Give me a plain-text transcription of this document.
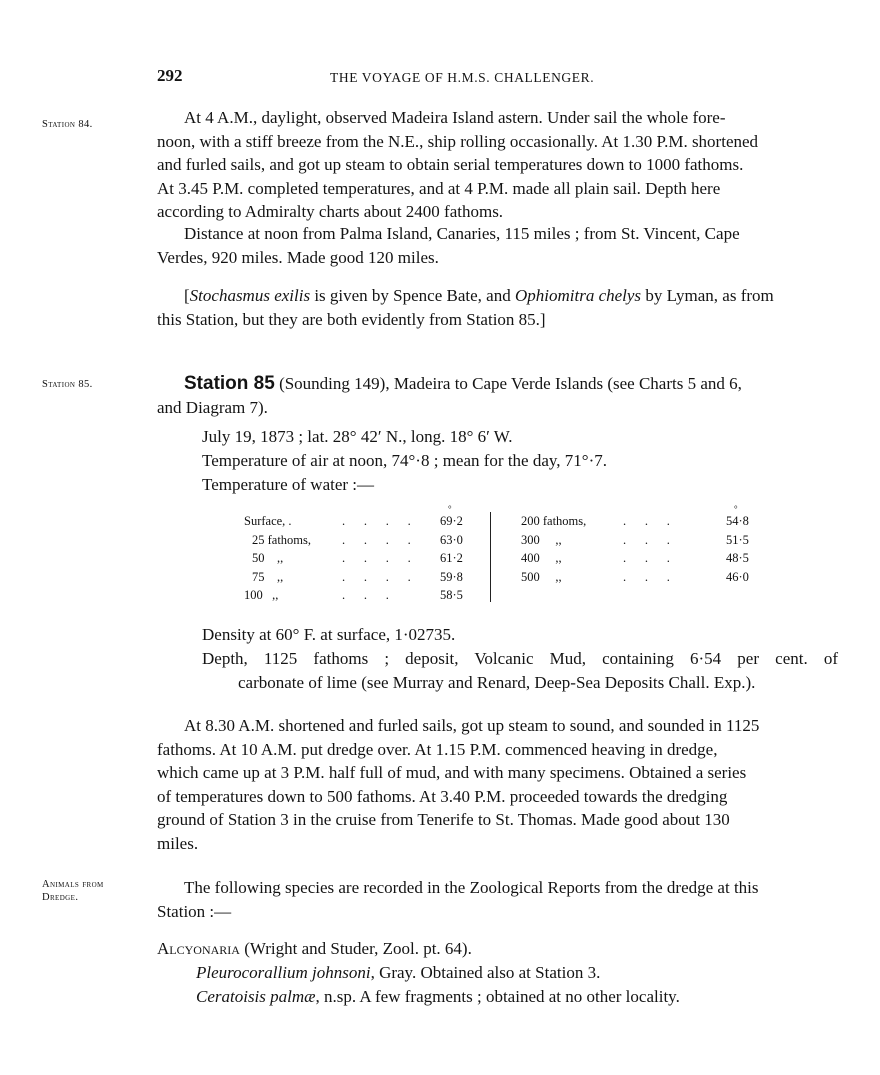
292	THE VOYAGE OF H.M.S. CHALLENGER.
Station 84.
Station 85.
Animals from
Dredge.
At 4 A.M., daylight, observed Madeira Island astern. Under sail the whole fore-
noon, with a stiff breeze from the N.E., ship rolling occasionally. At 1.30 P.M. shortened
and furled sails, and got up steam to obtain serial temperatures down to 1000 fathoms.
At 3.45 P.M. completed temperatures, and at 4 P.M. made all plain sail. Depth here
according to Admiralty charts about 2400 fathoms.
Distance at noon from Palma Island, Canaries, 115 miles ; from St. Vincent, Cape
Verdes, 920 miles. Made good 120 miles.
[Stochasmus exilis is given by Spence Bate, and Ophiomitra chelys by Lyman, as from
this Station, but they are both evidently from Station 85.]
Station 85 (Sounding 149), Madeira to Cape Verde Islands (see Charts 5 and 6,
and Diagram 7).
July 19, 1873 ; lat. 28° 42′ N., long. 18° 6′ W.
Temperature of air at noon, 74°·8 ; mean for the day, 71°·7.
Temperature of water :—
°	°
Surface, .	.      .      .      . 69·2
25 fathoms, .      .      .      . 63·0
50    ,,	.      .      .      . 61·2
75    ,,	.      .      .      . 59·8
100   ,,	.      .      .	58·5
200 fathoms,	.      .      .	54·8
300     ,,	.      .      .	51·5
400     ,,	.      .      .	48·5
500     ,,	.      .      .	46·0
Density at 60° F. at surface, 1·02735.
Depth, 1125 fathoms ; deposit, Volcanic Mud, containing 6·54 per cent. of
carbonate of lime (see Murray and Renard, Deep-Sea Deposits Chall. Exp.).
At 8.30 A.M. shortened and furled sails, got up steam to sound, and sounded in 1125
fathoms. At 10 A.M. put dredge over. At 1.15 P.M. commenced heaving in dredge,
which came up at 3 P.M. half full of mud, and with many specimens. Obtained a series
of temperatures down to 500 fathoms. At 3.40 P.M. proceeded towards the dredging
ground of Station 3 in the cruise from Tenerife to St. Thomas. Made good about 130
miles.
The following species are recorded in the Zoological Reports from the dredge at this
Station :—
Alcyonaria (Wright and Studer, Zool. pt. 64).
Pleurocorallium johnsoni, Gray. Obtained also at Station 3.
Ceratoisis palmæ, n.sp. A few fragments ; obtained at no other locality.
